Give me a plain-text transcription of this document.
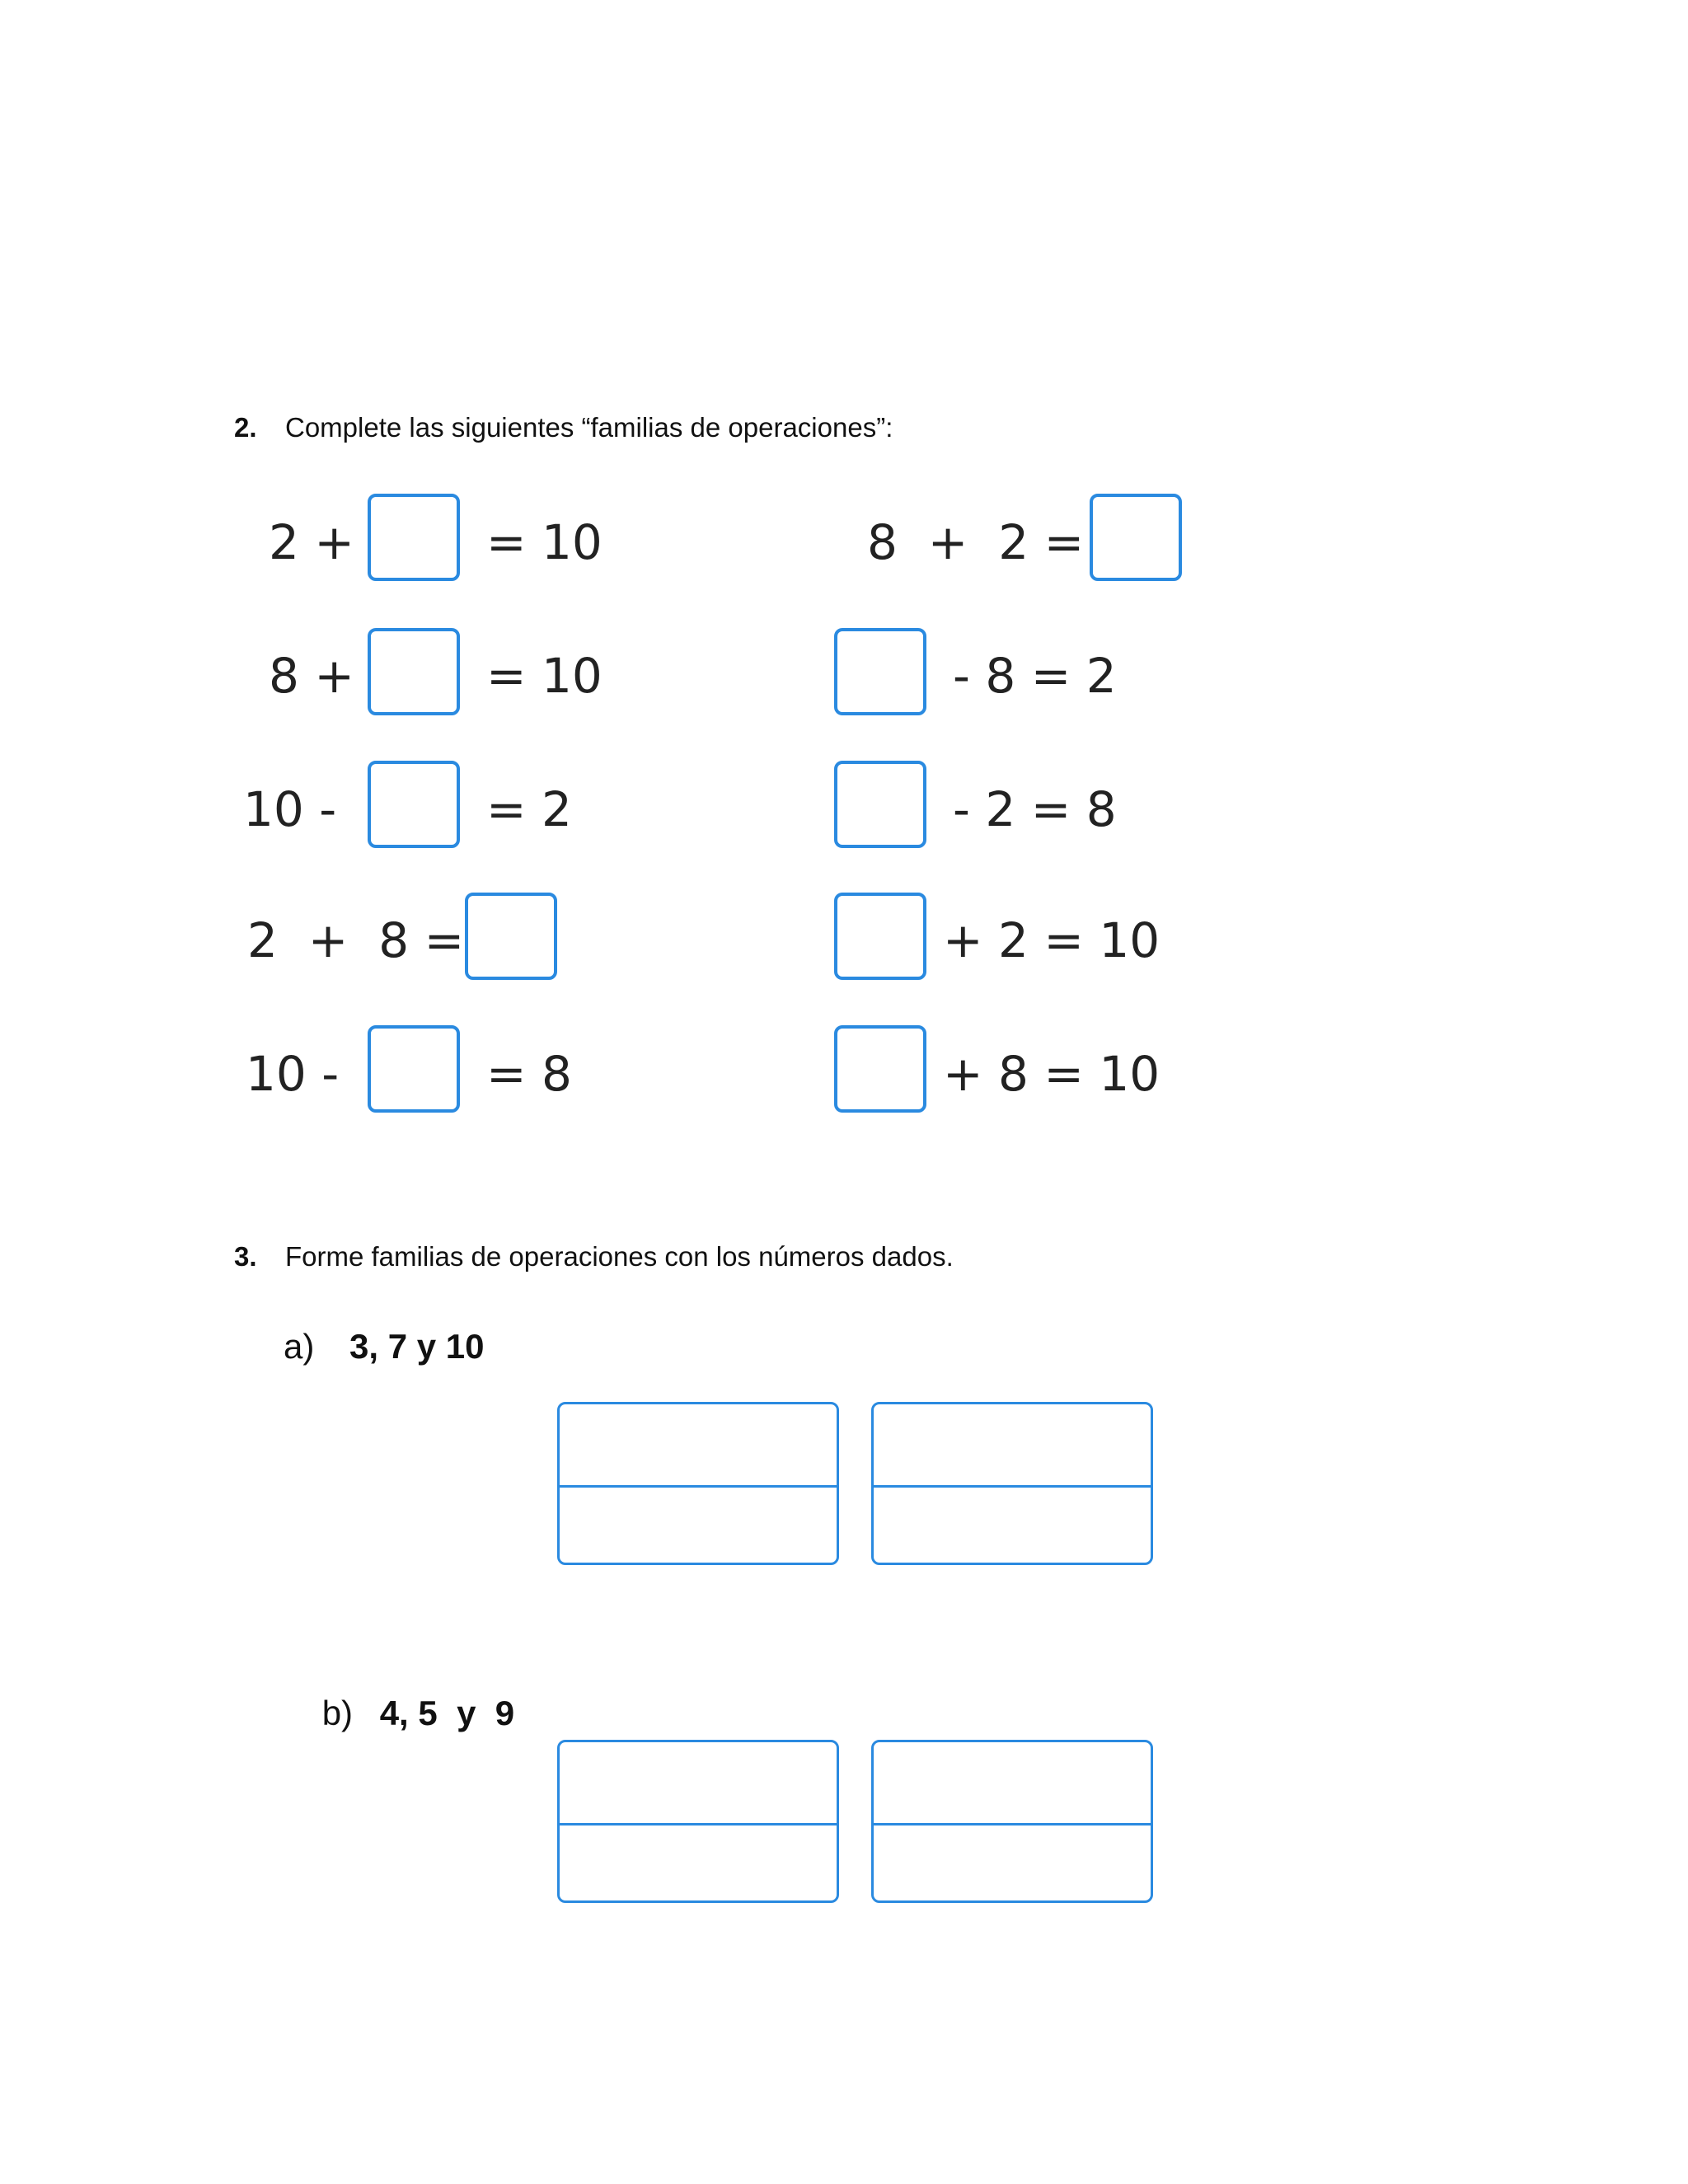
2. Complete las siguientes “familias de operaciones”:
2 +	= 10
8 +	= 10
10 -	= 2
2  +  8 =
10 -	= 8
8  +  2 =
- 8 = 2
- 2 = 8
+ 2 = 10
+ 8 = 10
3. Forme familias de operaciones con los números dados.
a) 3, 7 y 10

b) 4, 5  y  9
